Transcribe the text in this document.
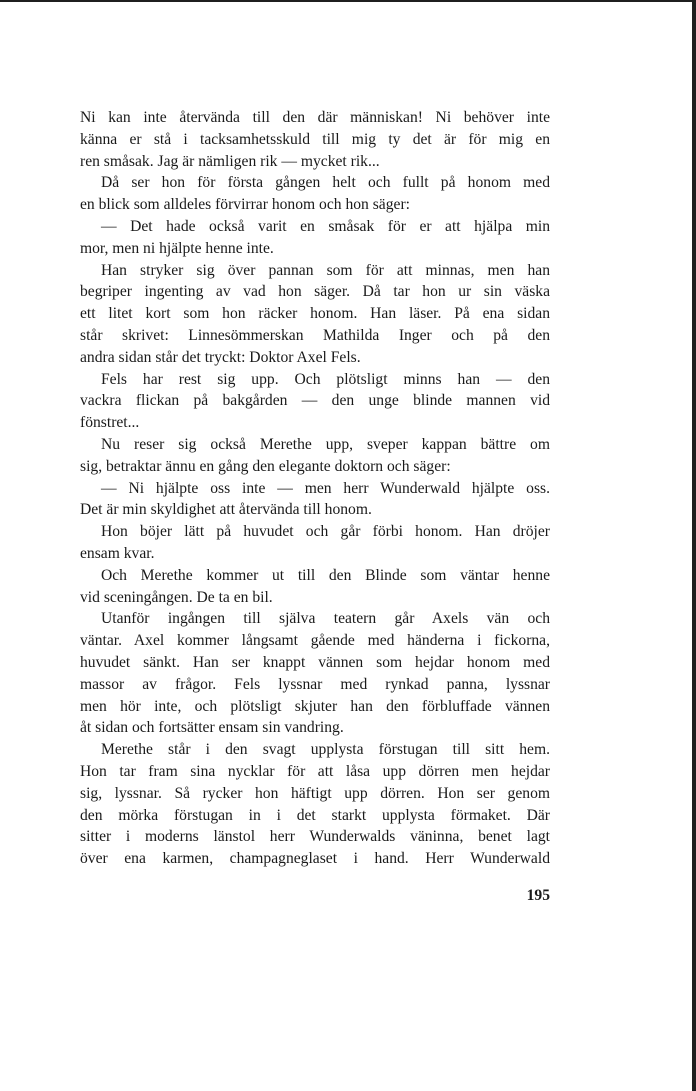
Ni kan inte återvända till den där människan! Ni behöver inte
känna er stå i tacksamhetsskuld till mig ty det är för mig en
ren småsak. Jag är nämligen rik — mycket rik...
Då ser hon för första gången helt och fullt på honom med
en blick som alldeles förvirrar honom och hon säger:
— Det hade också varit en småsak för er att hjälpa min
mor, men ni hjälpte henne inte.
Han stryker sig över pannan som för att minnas, men han
begriper ingenting av vad hon säger. Då tar hon ur sin väska
ett litet kort som hon räcker honom. Han läser. På ena sidan
står skrivet: Linnesömmerskan Mathilda Inger och på den
andra sidan står det tryckt: Doktor Axel Fels.
Fels har rest sig upp. Och plötsligt minns han — den
vackra flickan på bakgården — den unge blinde mannen vid
fönstret...
Nu reser sig också Merethe upp, sveper kappan bättre om
sig, betraktar ännu en gång den elegante doktorn och säger:
— Ni hjälpte oss inte — men herr Wunderwald hjälpte oss.
Det är min skyldighet att återvända till honom.
Hon böjer lätt på huvudet och går förbi honom. Han dröjer
ensam kvar.
Och Merethe kommer ut till den Blinde som väntar henne
vid sceningången. De ta en bil.
Utanför ingången till själva teatern går Axels vän och
väntar. Axel kommer långsamt gående med händerna i fickorna,
huvudet sänkt. Han ser knappt vännen som hejdar honom med
massor av frågor. Fels lyssnar med rynkad panna, lyssnar
men hör inte, och plötsligt skjuter han den förbluffade vännen
åt sidan och fortsätter ensam sin vandring.
Merethe står i den svagt upplysta förstugan till sitt hem.
Hon tar fram sina nycklar för att låsa upp dörren men hejdar
sig, lyssnar. Så rycker hon häftigt upp dörren. Hon ser genom
den mörka förstugan in i det starkt upplysta förmaket. Där
sitter i moderns länstol herr Wunderwalds väninna, benet lagt
över ena karmen, champagneglaset i hand. Herr Wunderwald
195
